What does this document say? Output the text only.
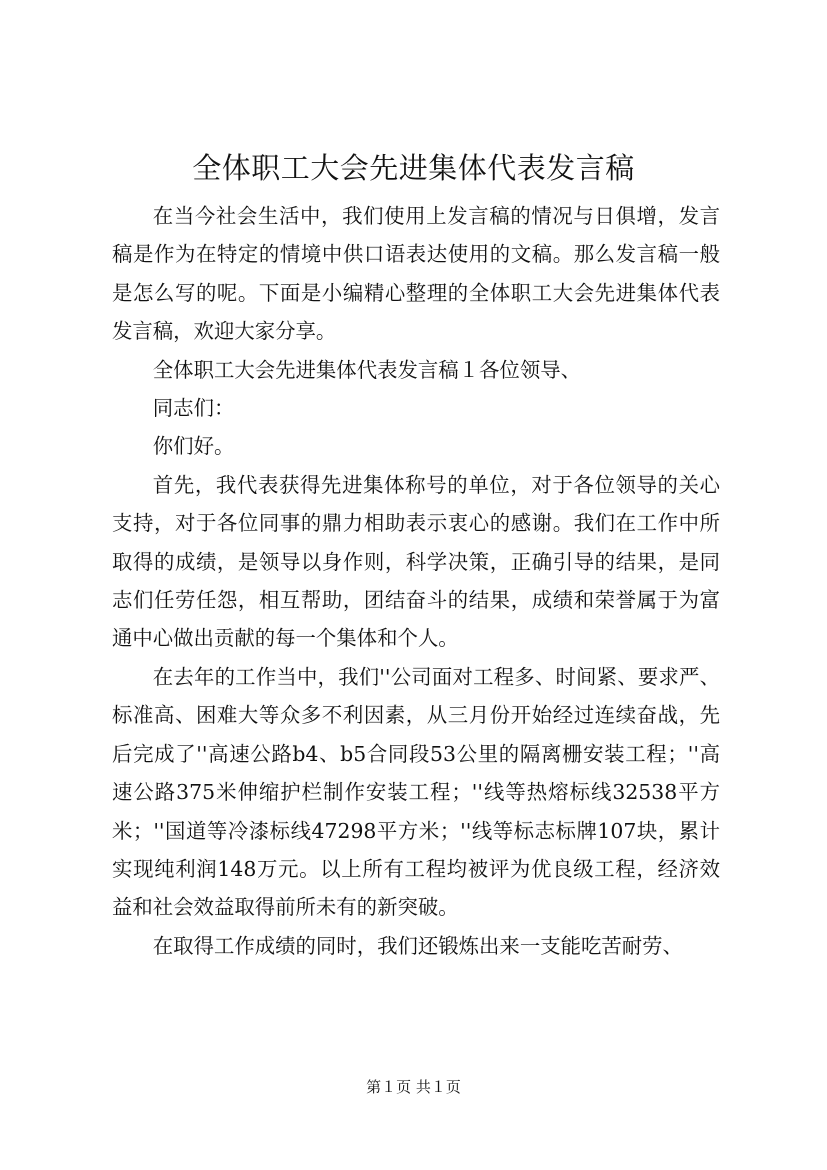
全体职工大会先进集体代表发言稿

在当今社会生活中，我们使用上发言稿的情况与日俱增，发言稿是作为在特定的情境中供口语表达使用的文稿。那么发言稿一般是怎么写的呢。下面是小编精心整理的全体职工大会先进集体代表发言稿，欢迎大家分享。

全体职工大会先进集体代表发言稿１各位领导、

同志们：

你们好。

首先，我代表获得先进集体称号的单位，对于各位领导的关心支持，对于各位同事的鼎力相助表示衷心的感谢。我们在工作中所取得的成绩，是领导以身作则，科学决策，正确引导的结果，是同志们任劳任怨，相互帮助，团结奋斗的结果，成绩和荣誉属于为富通中心做出贡献的每一个集体和个人。

在去年的工作当中，我们''公司面对工程多、时间紧、要求严、标准高、困难大等众多不利因素，从三月份开始经过连续奋战，先后完成了''高速公路b4、b5合同段53公里的隔离栅安装工程；''高速公路375米伸缩护栏制作安装工程；''线等热熔标线32538平方米；''国道等冷漆标线47298平方米；''线等标志标牌107块，累计实现纯利润148万元。以上所有工程均被评为优良级工程，经济效益和社会效益取得前所未有的新突破。

在取得工作成绩的同时，我们还锻炼出来一支能吃苦耐劳、

第１页 共１页
